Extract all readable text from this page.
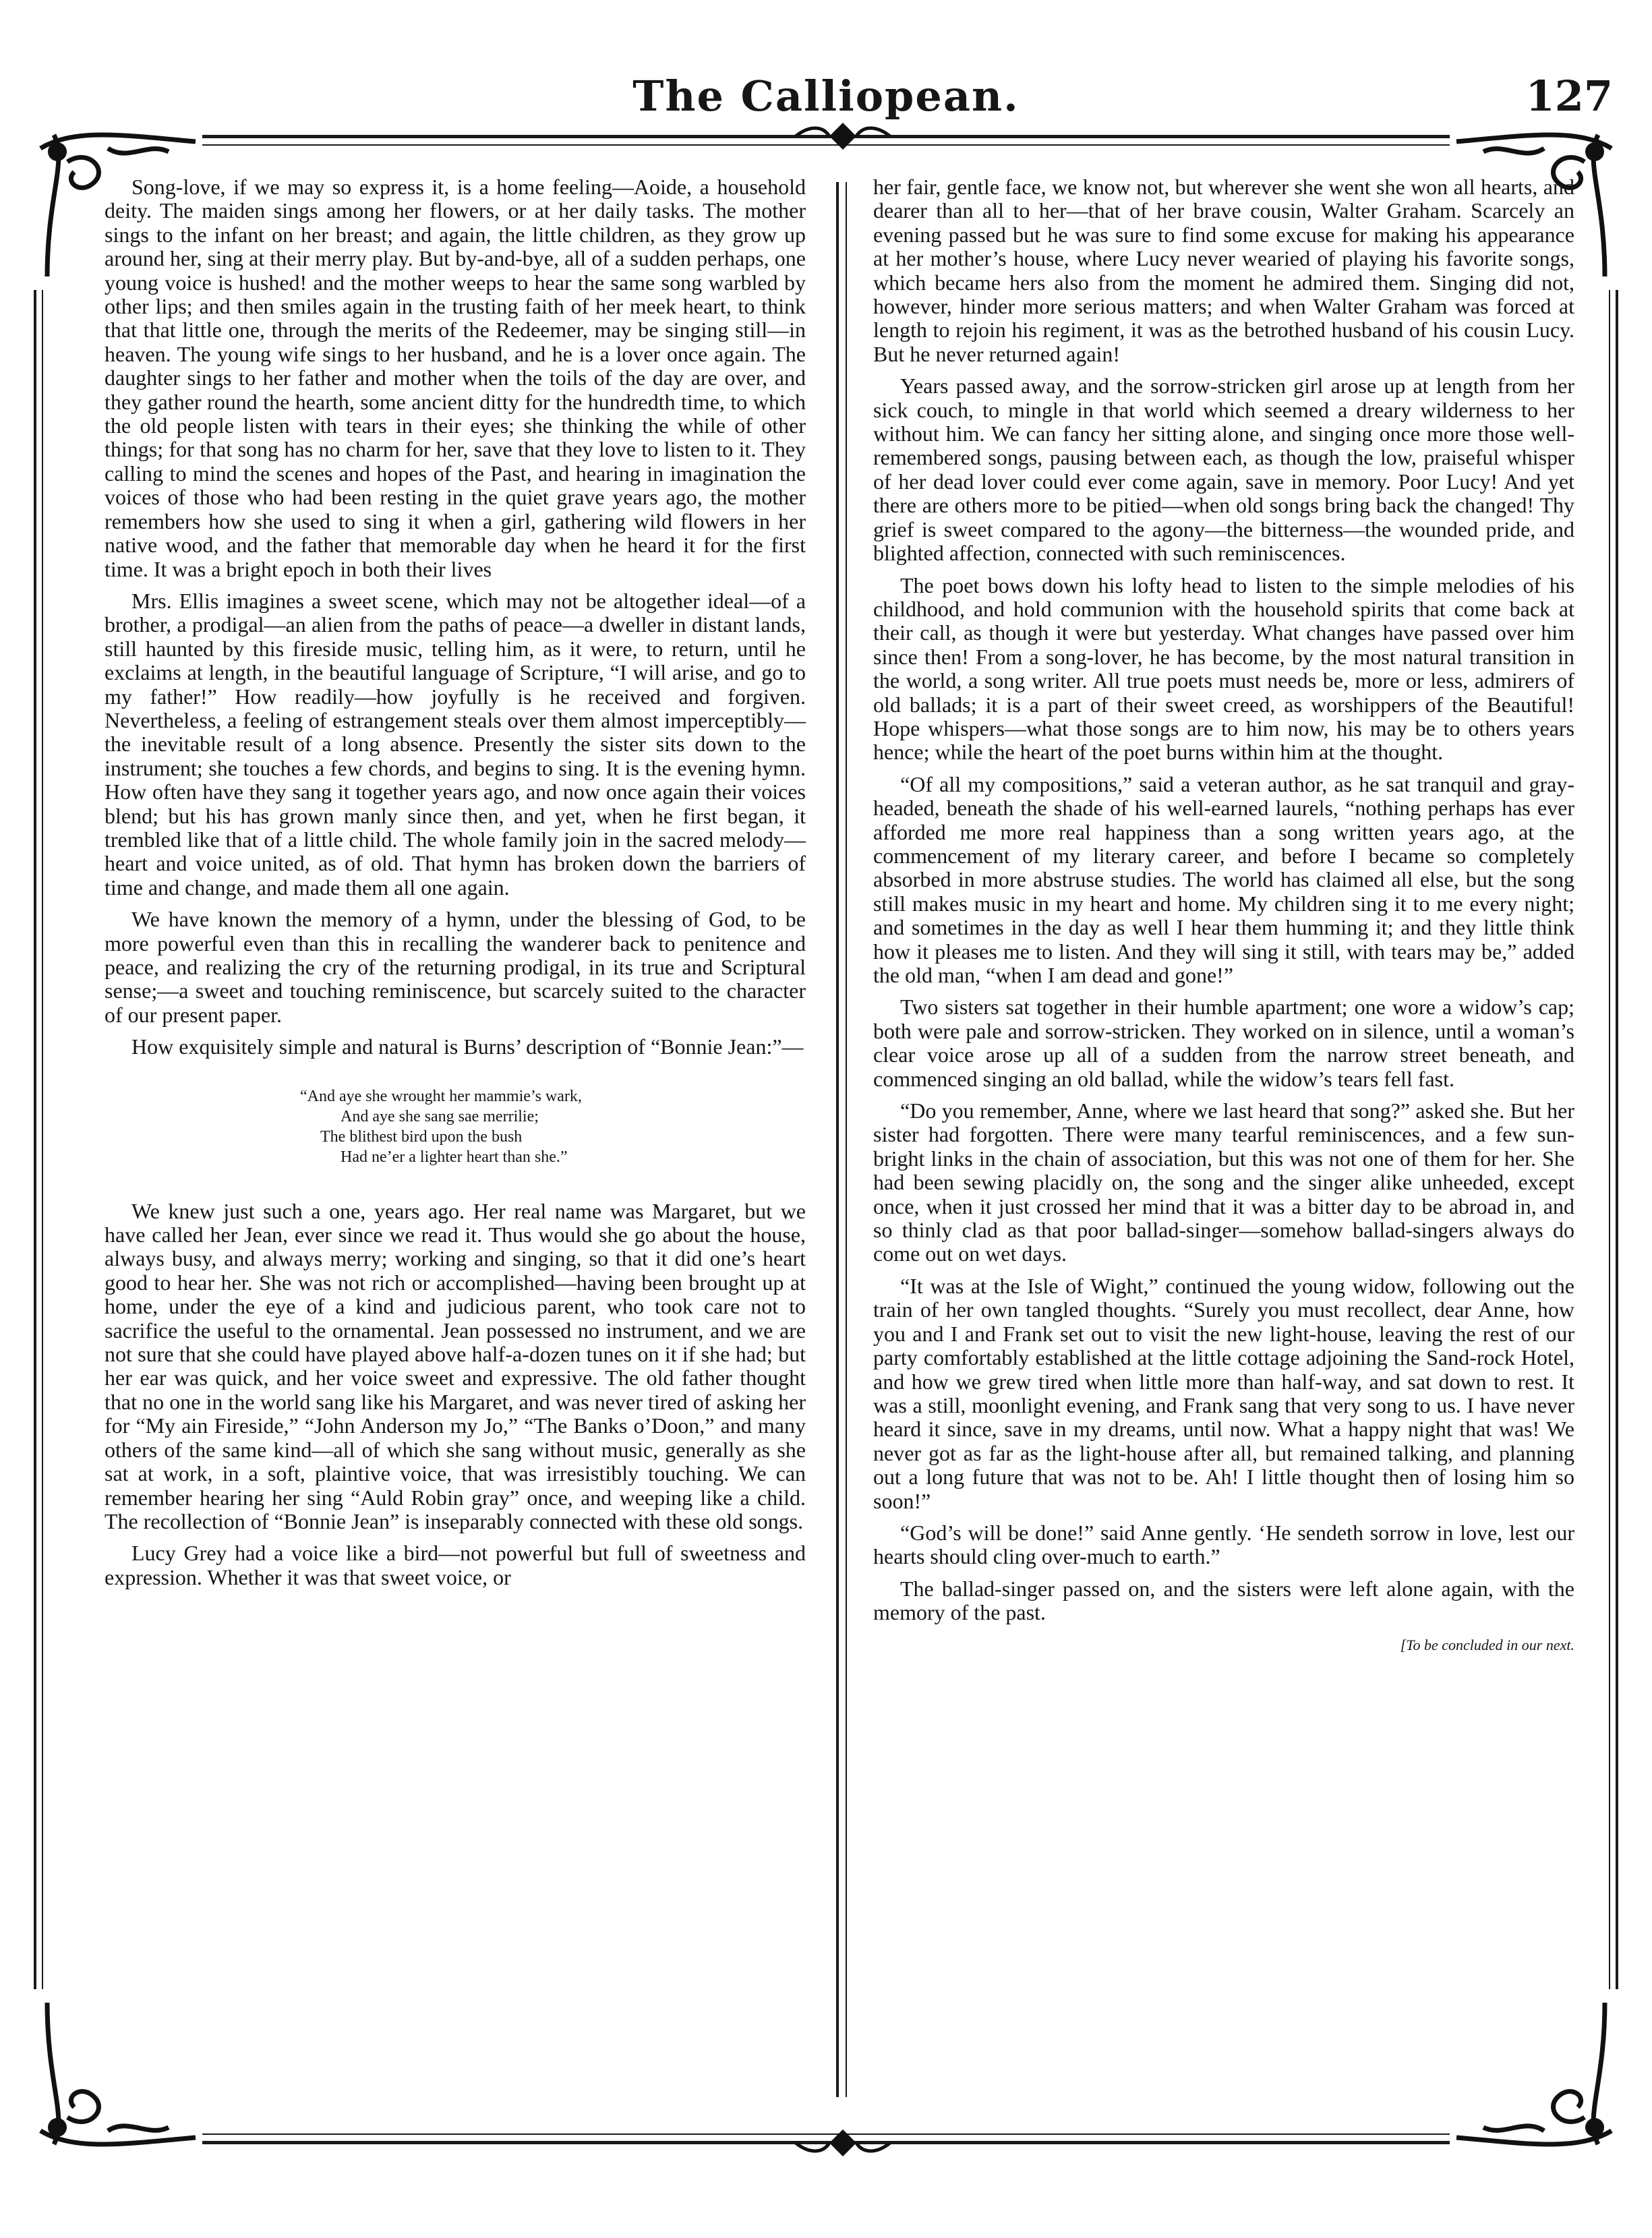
The Calliopean.	127

Song-love, if we may so express it, is a home feeling—Aoide, a household deity. The maiden sings among her flowers, or at her daily tasks. The mother sings to the infant on her breast; and again, the little children, as they grow up around her, sing at their merry play. But by-and-bye, all of a sudden perhaps, one young voice is hushed! and the mother weeps to hear the same song warbled by other lips; and then smiles again in the trusting faith of her meek heart, to think that that little one, through the merits of the Redeemer, may be singing still—in heaven. The young wife sings to her husband, and he is a lover once again. The daughter sings to her father and mother when the toils of the day are over, and they gather round the hearth, some ancient ditty for the hundredth time, to which the old people listen with tears in their eyes; she thinking the while of other things; for that song has no charm for her, save that they love to listen to it. They calling to mind the scenes and hopes of the Past, and hearing in imagination the voices of those who had been resting in the quiet grave years ago, the mother remembers how she used to sing it when a girl, gathering wild flowers in her native wood, and the father that memorable day when he heard it for the first time. It was a bright epoch in both their lives

Mrs. Ellis imagines a sweet scene, which may not be altogether ideal—of a brother, a prodigal—an alien from the paths of peace—a dweller in distant lands, still haunted by this fireside music, telling him, as it were, to return, until he exclaims at length, in the beautiful language of Scripture, “I will arise, and go to my father!” How readily—how joyfully is he received and forgiven. Nevertheless, a feeling of estrangement steals over them almost imperceptibly—the inevitable result of a long absence. Presently the sister sits down to the instrument; she touches a few chords, and begins to sing. It is the evening hymn. How often have they sang it together years ago, and now once again their voices blend; but his has grown manly since then, and yet, when he first began, it trembled like that of a little child. The whole family join in the sacred melody—heart and voice united, as of old. That hymn has broken down the barriers of time and change, and made them all one again.

We have known the memory of a hymn, under the blessing of God, to be more powerful even than this in recalling the wanderer back to penitence and peace, and realizing the cry of the returning prodigal, in its true and Scriptural sense;—a sweet and touching reminiscence, but scarcely suited to the character of our present paper.

How exquisitely simple and natural is Burns’ description of “Bonnie Jean:”—

“And aye she wrought her mammie’s wark,
And aye she sang sae merrilie;
The blithest bird upon the bush
Had ne’er a lighter heart than she.”

We knew just such a one, years ago. Her real name was Margaret, but we have called her Jean, ever since we read it. Thus would she go about the house, always busy, and always merry; working and singing, so that it did one’s heart good to hear her. She was not rich or accomplished—having been brought up at home, under the eye of a kind and judicious parent, who took care not to sacrifice the useful to the ornamental. Jean possessed no instrument, and we are not sure that she could have played above half-a-dozen tunes on it if she had; but her ear was quick, and her voice sweet and expressive. The old father thought that no one in the world sang like his Margaret, and was never tired of asking her for “My ain Fireside,” “John Anderson my Jo,” “The Banks o’Doon,” and many others of the same kind—all of which she sang without music, generally as she sat at work, in a soft, plaintive voice, that was irresistibly touching. We can remember hearing her sing “Auld Robin gray” once, and weeping like a child. The recollection of “Bonnie Jean” is inseparably connected with these old songs.

Lucy Grey had a voice like a bird—not powerful but full of sweetness and expression. Whether it was that sweet voice, or

her fair, gentle face, we know not, but wherever she went she won all hearts, and dearer than all to her—that of her brave cousin, Walter Graham. Scarcely an evening passed but he was sure to find some excuse for making his appearance at her mother’s house, where Lucy never wearied of playing his favorite songs, which became hers also from the moment he admired them. Singing did not, however, hinder more serious matters; and when Walter Graham was forced at length to rejoin his regiment, it was as the betrothed husband of his cousin Lucy. But he never returned again!

Years passed away, and the sorrow-stricken girl arose up at length from her sick couch, to mingle in that world which seemed a dreary wilderness to her without him. We can fancy her sitting alone, and singing once more those well-remembered songs, pausing between each, as though the low, praiseful whisper of her dead lover could ever come again, save in memory. Poor Lucy! And yet there are others more to be pitied—when old songs bring back the changed! Thy grief is sweet compared to the agony—the bitterness—the wounded pride, and blighted affection, connected with such reminiscences.

The poet bows down his lofty head to listen to the simple melodies of his childhood, and hold communion with the household spirits that come back at their call, as though it were but yesterday. What changes have passed over him since then! From a song-lover, he has become, by the most natural transition in the world, a song writer. All true poets must needs be, more or less, admirers of old ballads; it is a part of their sweet creed, as worshippers of the Beautiful! Hope whispers—what those songs are to him now, his may be to others years hence; while the heart of the poet burns within him at the thought.

“Of all my compositions,” said a veteran author, as he sat tranquil and gray-headed, beneath the shade of his well-earned laurels, “nothing perhaps has ever afforded me more real happiness than a song written years ago, at the commencement of my literary career, and before I became so completely absorbed in more abstruse studies. The world has claimed all else, but the song still makes music in my heart and home. My children sing it to me every night; and sometimes in the day as well I hear them humming it; and they little think how it pleases me to listen. And they will sing it still, with tears may be,” added the old man, “when I am dead and gone!”

Two sisters sat together in their humble apartment; one wore a widow’s cap; both were pale and sorrow-stricken. They worked on in silence, until a woman’s clear voice arose up all of a sudden from the narrow street beneath, and commenced singing an old ballad, while the widow’s tears fell fast.

“Do you remember, Anne, where we last heard that song?” asked she. But her sister had forgotten. There were many tearful reminiscences, and a few sun-bright links in the chain of association, but this was not one of them for her. She had been sewing placidly on, the song and the singer alike unheeded, except once, when it just crossed her mind that it was a bitter day to be abroad in, and so thinly clad as that poor ballad-singer—somehow ballad-singers always do come out on wet days.

“It was at the Isle of Wight,” continued the young widow, following out the train of her own tangled thoughts. “Surely you must recollect, dear Anne, how you and I and Frank set out to visit the new light-house, leaving the rest of our party comfortably established at the little cottage adjoining the Sand-rock Hotel, and how we grew tired when little more than half-way, and sat down to rest. It was a still, moonlight evening, and Frank sang that very song to us. I have never heard it since, save in my dreams, until now. What a happy night that was! We never got as far as the light-house after all, but remained talking, and planning out a long future that was not to be. Ah! I little thought then of losing him so soon!”

“God’s will be done!” said Anne gently. ‘He sendeth sorrow in love, lest our hearts should cling over-much to earth.”

The ballad-singer passed on, and the sisters were left alone again, with the memory of the past.

[To be concluded in our next.
